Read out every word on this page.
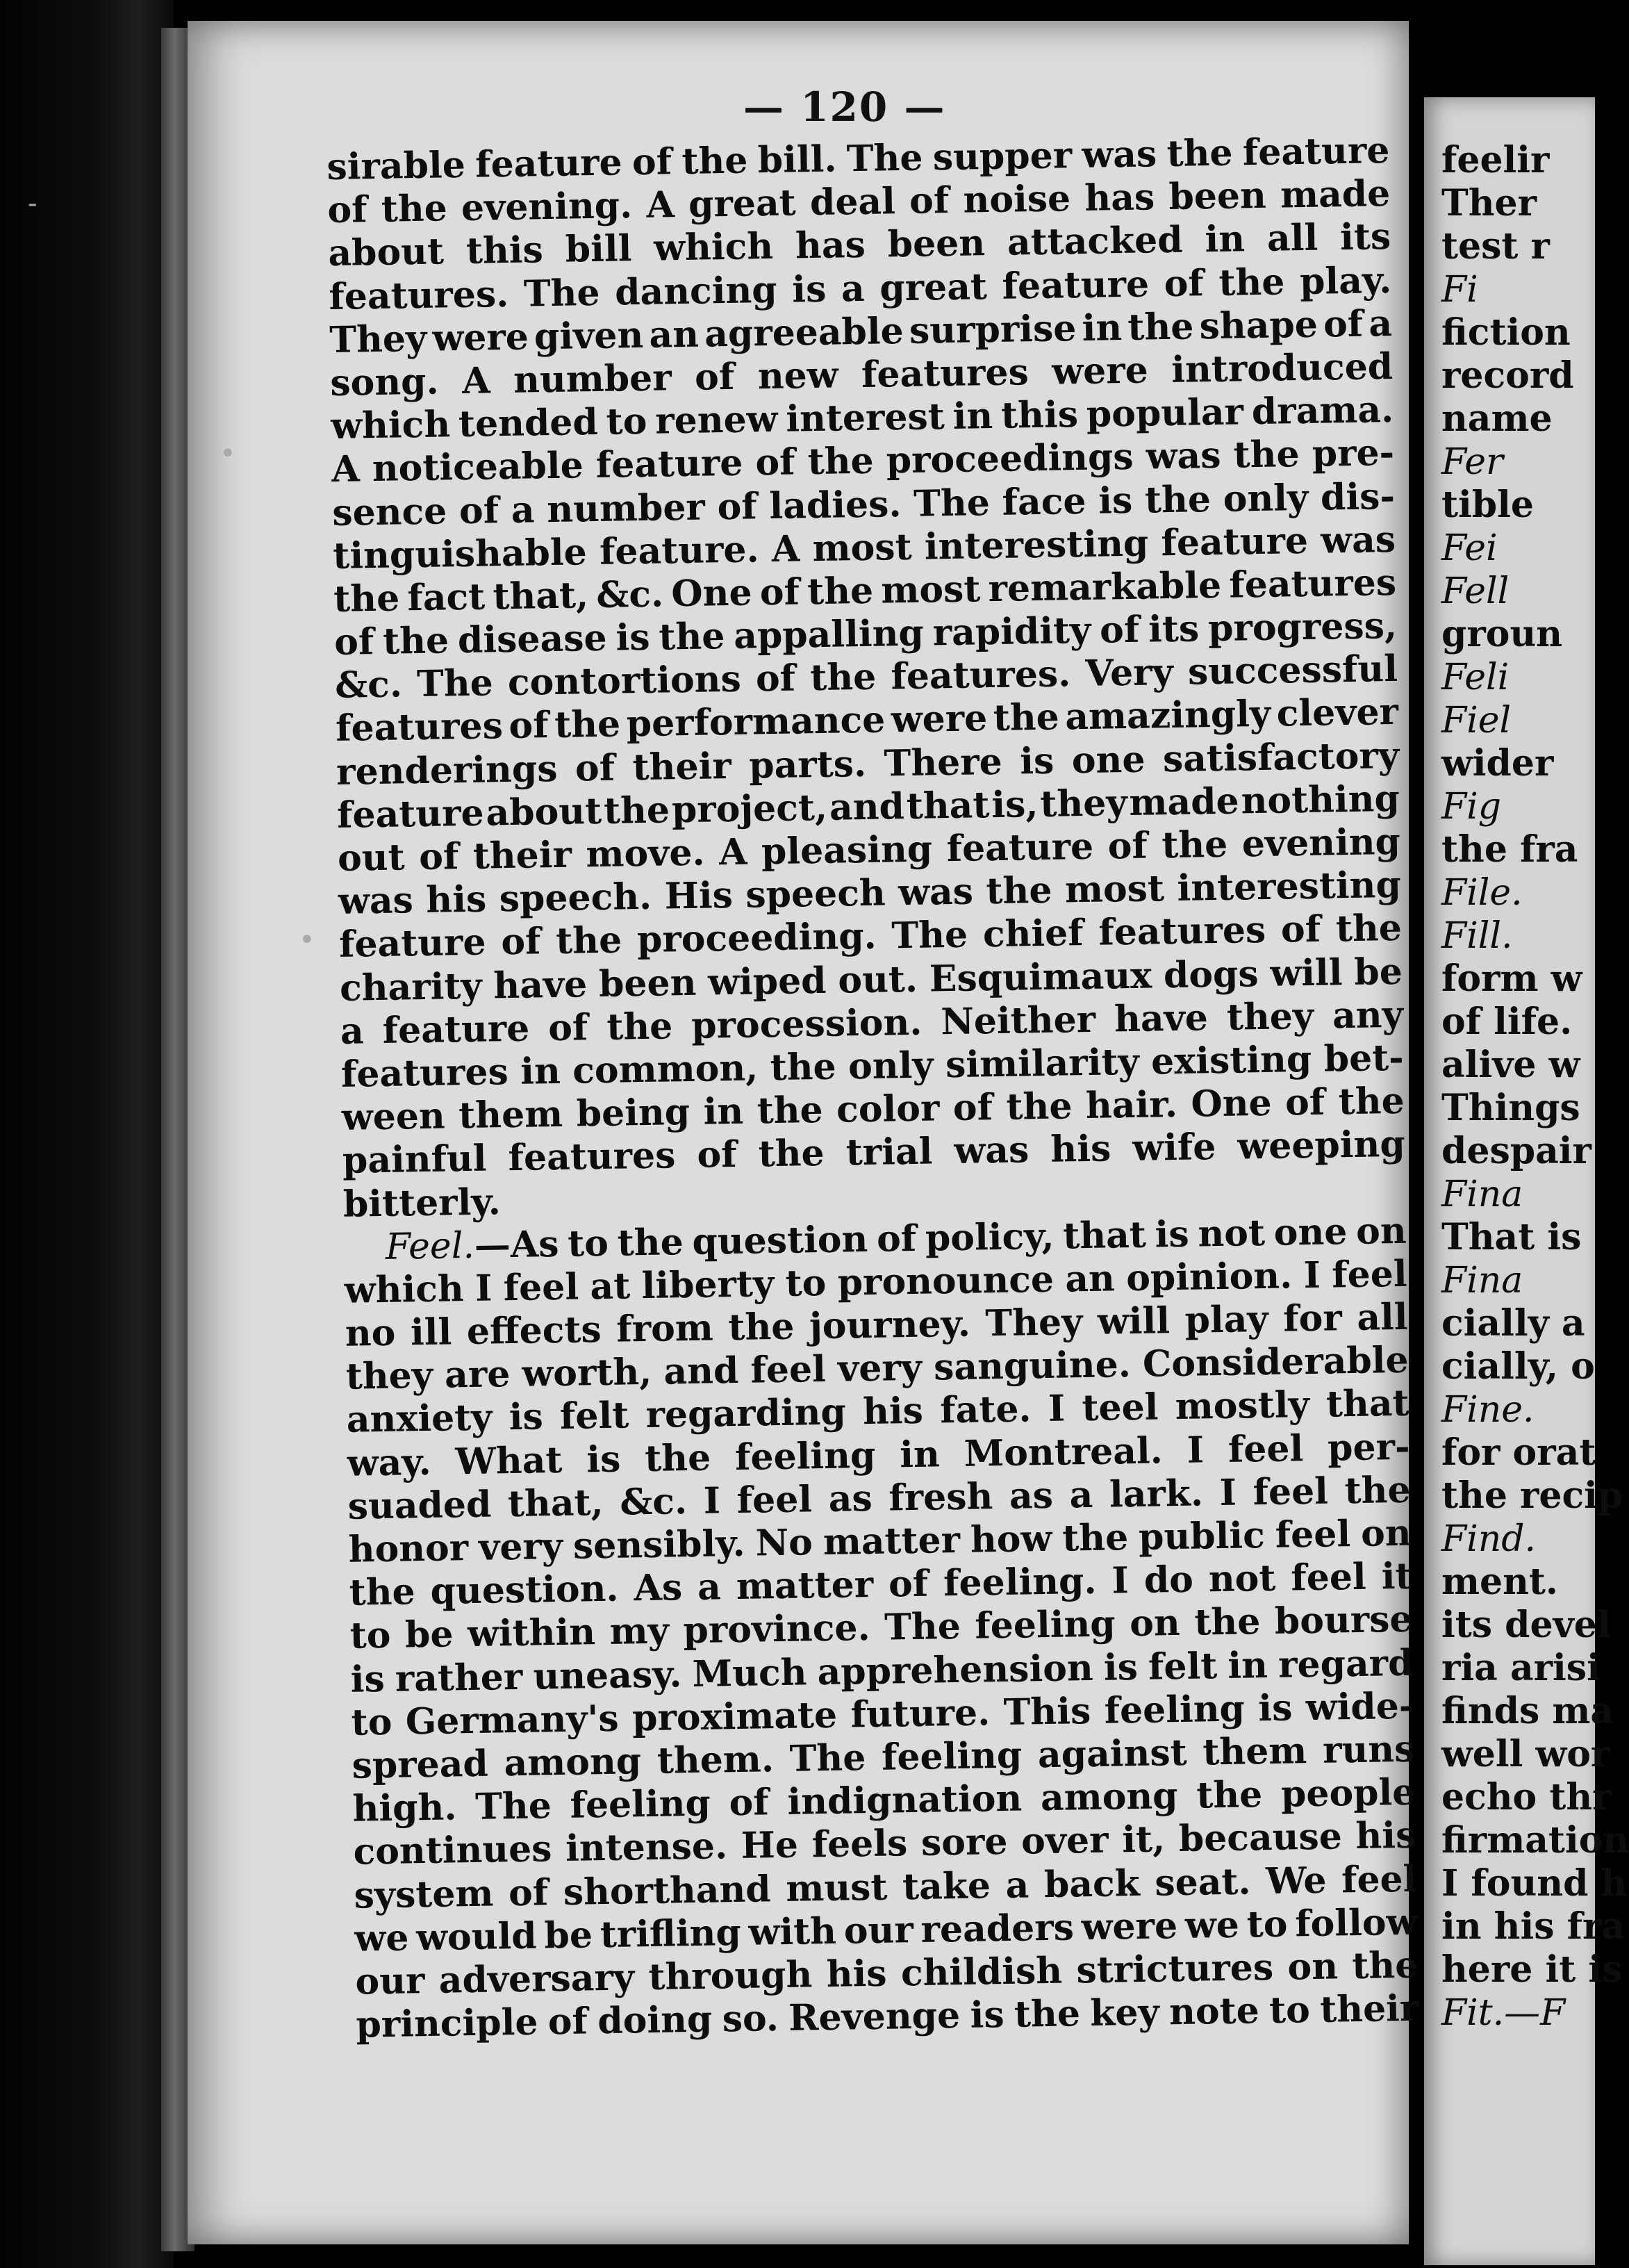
— 120 —
sirable feature of the bill. The supper was the feature
of the evening. A great deal of noise has been made
about this bill which has been attacked in all its
features. The dancing is a great feature of the play.
They were given an agreeable surprise in the shape of a
song. A number of new features were introduced
which tended to renew interest in this popular drama.
A noticeable feature of the proceedings was the pre-
sence of a number of ladies. The face is the only dis-
tinguishable feature. A most interesting feature was
the fact that, &c. One of the most remarkable features
of the disease is the appalling rapidity of its progress,
&c. The contortions of the features. Very successful
features of the performance were the amazingly clever
renderings of their parts. There is one satisfactory
feature about the project, and that is, they made nothing
out of their move. A pleasing feature of the evening
was his speech. His speech was the most interesting
feature of the proceeding. The chief features of the
charity have been wiped out. Esquimaux dogs will be
a feature of the procession. Neither have they any
features in common, the only similarity existing bet-
ween them being in the color of the hair. One of the
painful features of the trial was his wife weeping
bitterly.
Feel. —As to the question of policy, that is not one on
which I feel at liberty to pronounce an opinion. I feel
no ill effects from the journey. They will play for all
they are worth, and feel very sanguine. Considerable
anxiety is felt regarding his fate. I teel mostly that
way. What is the feeling in Montreal. I feel per-
suaded that, &c. I feel as fresh as a lark. I feel the
honor very sensibly. No matter how the public feel on
the question. As a matter of feeling. I do not feel it
to be within my province. The feeling on the bourse
is rather uneasy. Much apprehension is felt in regard
to Germany's proximate future. This feeling is wide-
spread among them. The feeling against them runs
high. The feeling of indignation among the people
continues intense. He feels sore over it, because his
system of shorthand must take a back seat. We feel
we would be trifling with our readers were we to follow
our adversary through his childish strictures on the
principle of doing so. Revenge is the key note to their
feelir
Ther
test r
Fi
fiction
record
name
Fer
tible
Fei
Fell
groun
Feli
Fiel
wider
Fig
the fra
File.
Fill.
form w
of life.
alive w
Things
despair
Fina
That is
Fina
cially a
cially, o
Fine.
for orat
the recip
Find.
ment.
its devel
ria arisi
finds ma
well wor
echo thr
firmation
I found h
in his fra
here it is
Fit.—F
‐
•
•
